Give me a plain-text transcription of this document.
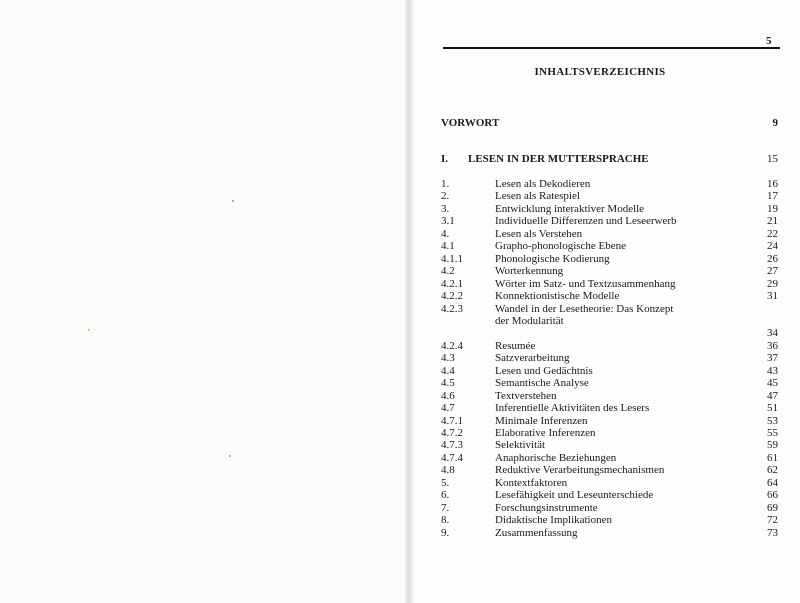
5
INHALTSVERZEICHNIS
VORWORT	9
I. LESEN IN DER MUTTERSPRACHE	15
1.	Lesen als Dekodieren	16
2.	Lesen als Ratespiel	17
3.	Entwicklung interaktiver Modelle	19
3.1	Individuelle Differenzen und Leseerwerb	21
4.	Lesen als Verstehen	22
4.1	Grapho-phonologische Ebene	24
4.1.1	Phonologische Kodierung	26
4.2	Worterkennung	27
4.2.1	Wörter im Satz- und Textzusammenhang	29
4.2.2	Konnektionistische Modelle	31
4.2.3	Wandel in der Lesetheorie: Das Konzept
der Modularität
34
4.2.4	Resumée	36
4.3	Satzverarbeitung	37
4.4	Lesen und Gedächtnis	43
4.5	Semantische Analyse	45
4.6	Textverstehen	47
4.7	Inferentielle Aktivitäten des Lesers	51
4.7.1	Minimale Inferenzen	53
4.7.2	Elaborative Inferenzen	55
4.7.3	Selektivität	59
4.7.4	Anaphorische Beziehungen	61
4.8	Reduktive Verarbeitungsmechanismen	62
5.	Kontextfaktoren	64
6.	Lesefähigkeit und Leseunterschiede	66
7.	Forschungsinstrumente	69
8.	Didaktische Implikationen	72
9.	Zusammenfassung	73
